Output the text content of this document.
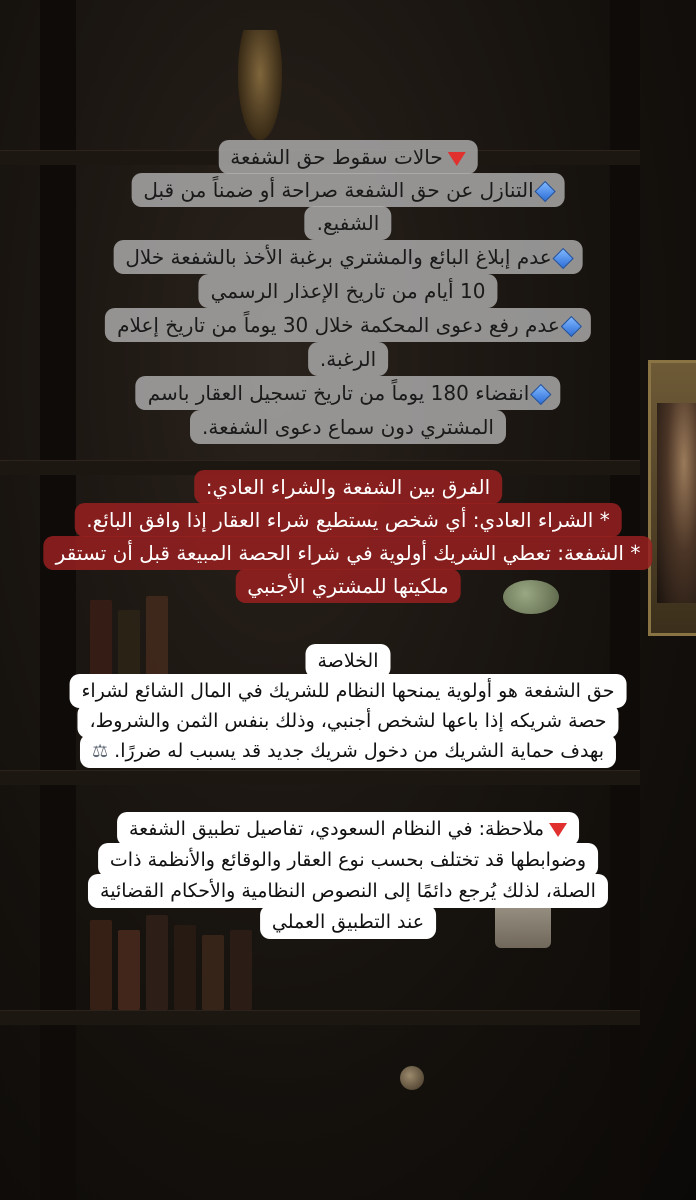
حالات سقوط حق الشفعة
التنازل عن حق الشفعة صراحة أو ضمناً من قبل
الشفيع.
عدم إبلاغ البائع والمشتري برغبة الأخذ بالشفعة خلال
10 أيام من تاريخ الإعذار الرسمي
عدم رفع دعوى المحكمة خلال 30 يوماً من تاريخ إعلام
الرغبة.
انقضاء 180 يوماً من تاريخ تسجيل العقار باسم
المشتري دون سماع دعوى الشفعة.
الفرق بين الشفعة والشراء العادي:
* الشراء العادي: أي شخص يستطيع شراء العقار إذا وافق البائع.
* الشفعة: تعطي الشريك أولوية في شراء الحصة المبيعة قبل أن تستقر
ملكيتها للمشتري الأجنبي
الخلاصة
حق الشفعة هو أولوية يمنحها النظام للشريك في المال الشائع لشراء
حصة شريكه إذا باعها لشخص أجنبي، وذلك بنفس الثمن والشروط،
بهدف حماية الشريك من دخول شريك جديد قد يسبب له ضررًا.⚖
ملاحظة: في النظام السعودي، تفاصيل تطبيق الشفعة
وضوابطها قد تختلف بحسب نوع العقار والوقائع والأنظمة ذات
الصلة، لذلك يُرجع دائمًا إلى النصوص النظامية والأحكام القضائية
عند التطبيق العملي
